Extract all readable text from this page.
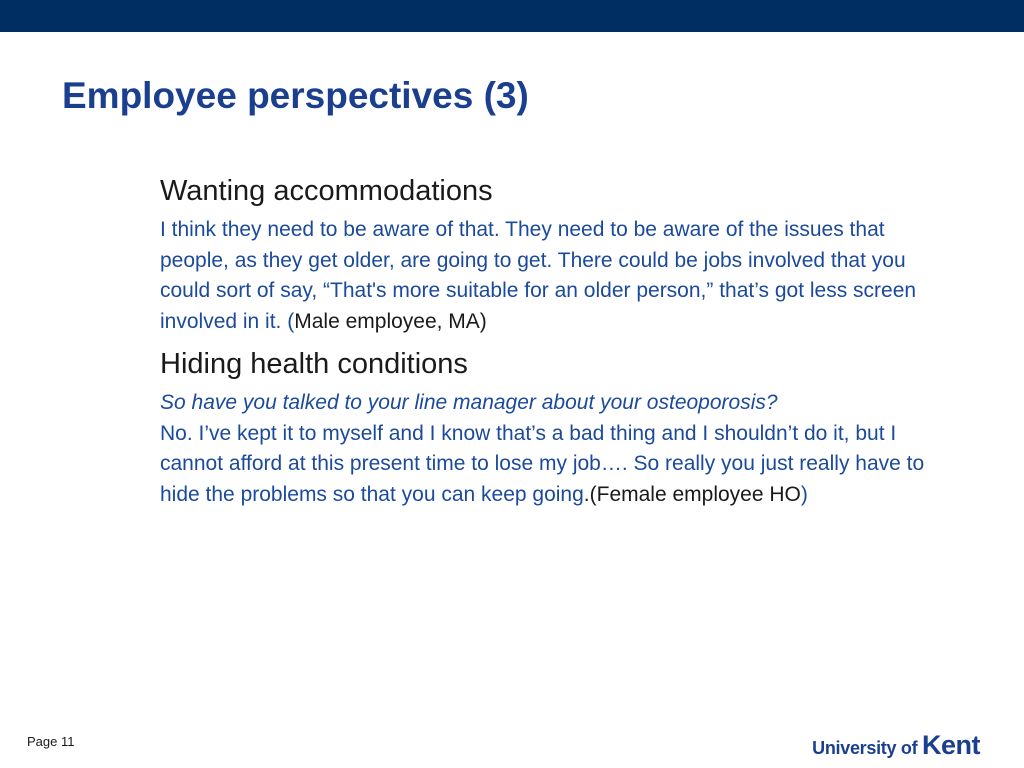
Employee perspectives (3)
Wanting accommodations

I think they need to be aware of that. They need to be aware of the issues that people, as they get older, are going to get. There could be jobs involved that you could sort of say, “That's more suitable for an older person,” that’s got less screen involved in it. (Male employee, MA)

Hiding health conditions

So have you talked to your line manager about your osteoporosis?
No. I’ve kept it to myself and I know that’s a bad thing and I shouldn’t do it, but I cannot afford at this present time to lose my job…. So really you just really have to hide the problems so that you can keep going.(Female employee HO)

Page 11	University of Kent
